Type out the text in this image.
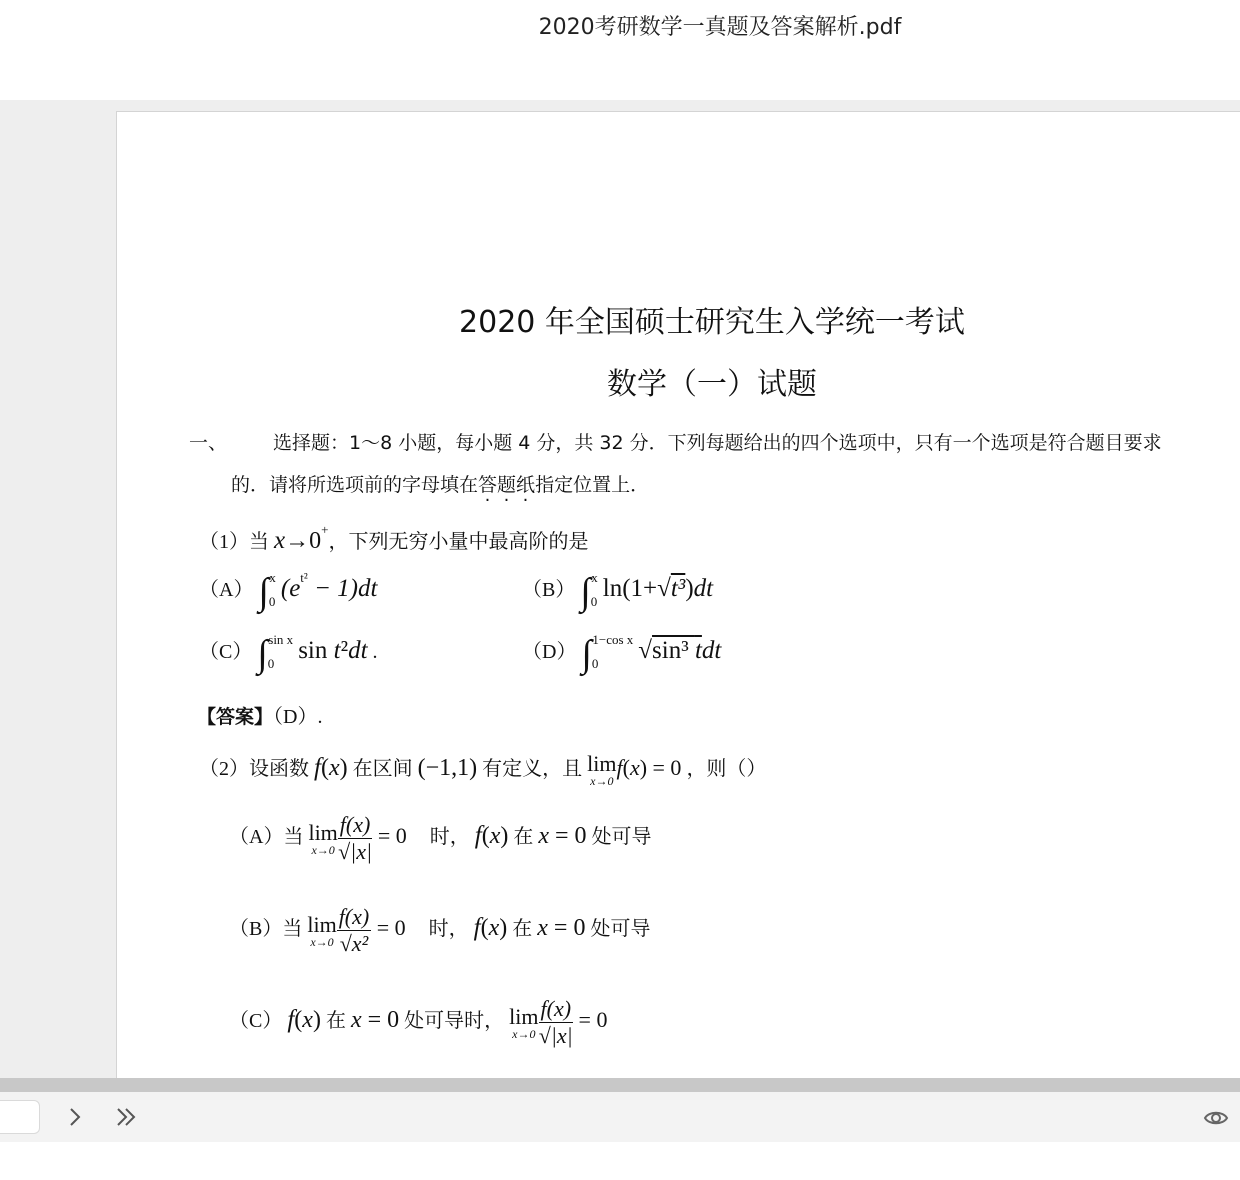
2020考研数学一真题及答案解析.pdf
2020 年全国硕士研究生入学统一考试
数学（一）试题
一、 选择题：1～8 小题，每小题 4 分，共 32 分．下列每题给出的四个选项中，只有一个选项是符合题目要求
的．请将所选项前的字母填在答题纸指定位置上．
（1）当 x→0+，下列无穷小量中最高阶的是
（A） $\int_0^x$ $(e^{t^2} - 1)dt$	（B） $\int_0^x$ ln(1+√t³)dt
（C） $\int_0^{sin x}$ sin t²dt .	（D） $\int_0^{1-cos x}$ √sin³ tdt
【答案】（D）.
（2）设函数 f(x) 在区间 (−1,1) 有定义，且 lim
x→0
f(x) = 0 ，则（）
（A）当 lim
$x\to 0 \frac{f(x)}{√|x|} = 0$ 时， f(x) 在 x = 0 处可导
（B）当 lim
$x\to 0 \frac{f(x)}{\text{√x²}} = 0$ 时， f(x) 在 x = 0 处可导
（C） f(x) 在 x = 0 处可导时， lim
$x\to 0 \frac{f(x)}{√|x|} = 0$
